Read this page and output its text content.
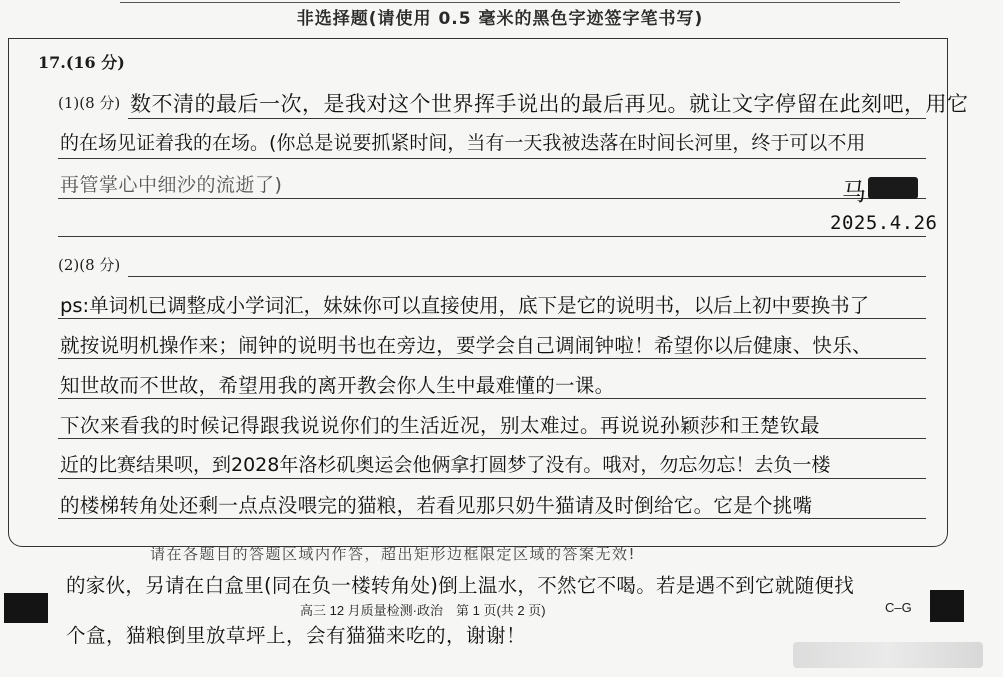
非选择题(请使用 0.5 毫米的黑色字迹签字笔书写)
17.(16 分)
(1)(8 分) 数不清的最后一次，是我对这个世界挥手说出的最后再见。就让文字停留在此刻吧，用它
的在场见证着我的在场。(你总是说要抓紧时间，当有一天我被迭落在时间长河里，终于可以不用
再管掌心中细沙的流逝了)	马
2025.4.26
(2)(8 分)
ps:单词机已调整成小学词汇，妹妹你可以直接使用，底下是它的说明书，以后上初中要换书了
就按说明机操作来；闹钟的说明书也在旁边，要学会自己调闹钟啦！希望你以后健康、快乐、
知世故而不世故，希望用我的离开教会你人生中最难懂的一课。
下次来看我的时候记得跟我说说你们的生活近况，别太难过。再说说孙颖莎和王楚钦最
近的比赛结果呗，到2028年洛杉矶奥运会他俩拿打圆梦了没有。哦对，勿忘勿忘！去负一楼
的楼梯转角处还剩一点点没喂完的猫粮，若看见那只奶牛猫请及时倒给它。它是个挑嘴
请在各题目的答题区域内作答，超出矩形边框限定区域的答案无效!
的家伙，另请在白盒里(同在负一楼转角处)倒上温水，不然它不喝。若是遇不到它就随便找
个盒，猫粮倒里放草坪上，会有猫猫来吃的，谢谢！
高三 12 月质量检测·政治　第 1 页(共 2 页)	C–G
